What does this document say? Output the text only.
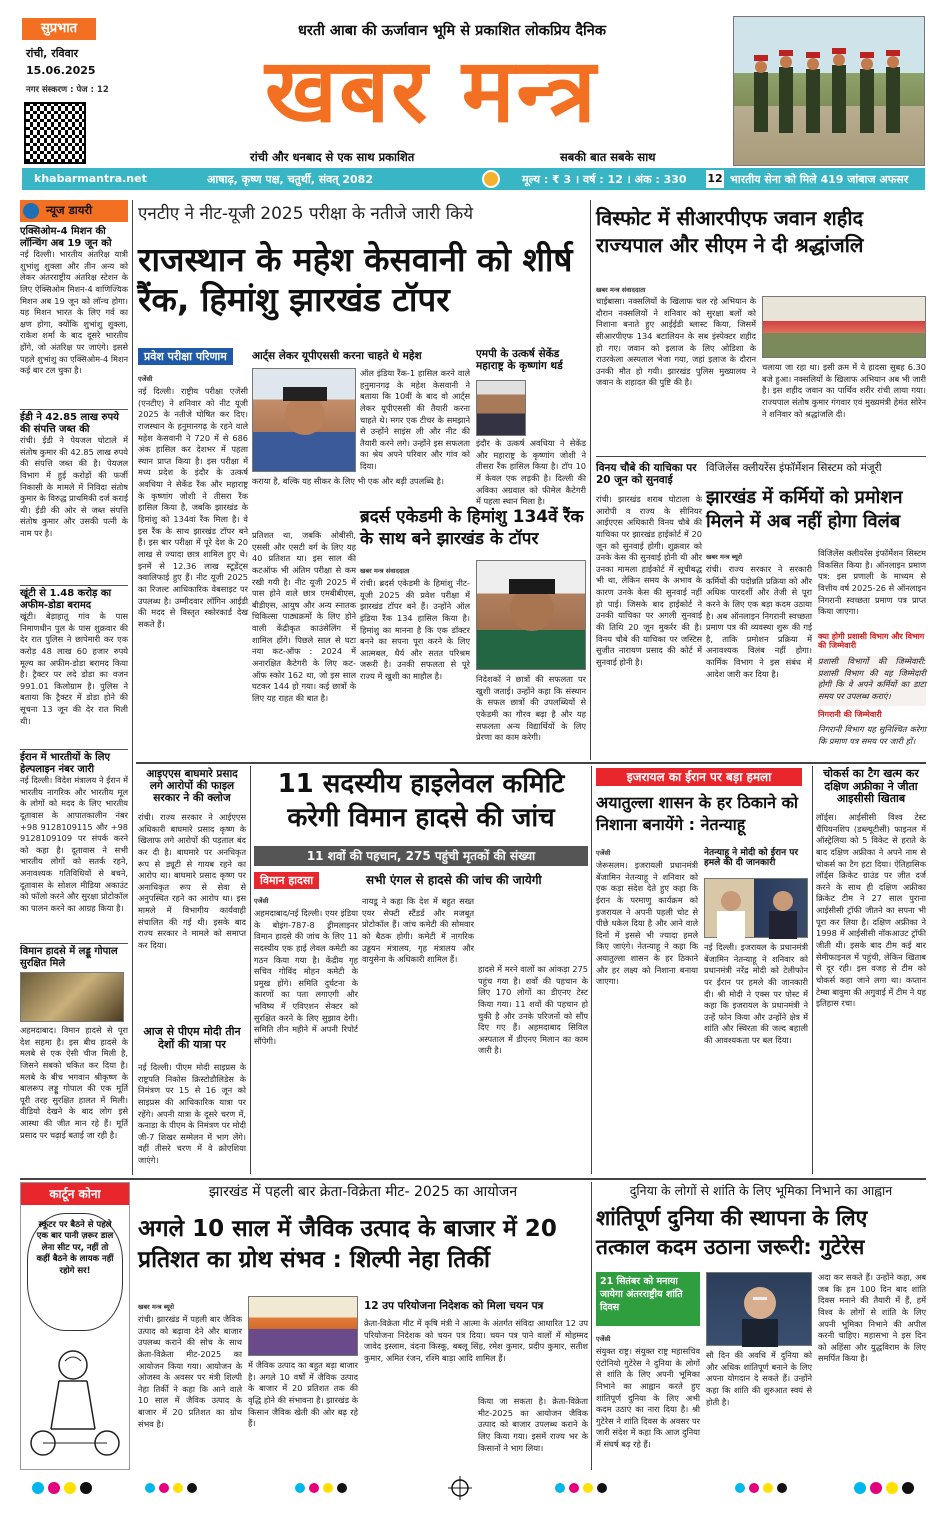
सुप्रभात
रांची, रविवार
15.06.2025
नगर संस्करण : पेज : 12
धरती आबा की ऊर्जावान भूमि से प्रकाशित लोकप्रिय दैनिक
खबर मन्त्र
रांची और धनबाद से एक साथ प्रकाशित	सबकी बात सबके साथ
khabarmantra.net	आषाढ़, कृष्ण पक्ष, चतुर्थी, संवत् 2082	मूल्य : ₹ 3 । वर्ष : 12 । अंक : 330 12 भारतीय सेना को मिले 419 जांबाज अफसर
न्यूज डायरी
एक्सिओम-4 मिशन की लॉन्चिंग अब 19 जून को
नई दिल्ली। भारतीय अंतरिक्ष यात्री शुभांशु शुक्ला और तीन अन्य को लेकर अंतरराष्ट्रीय अंतरिक्ष स्टेशन के लिए ऐक्सिओम मिशन-4 वाणिज्यिक मिशन अब 19 जून को लॉन्च होगा। यह मिशन भारत के लिए गर्व का क्षण होगा, क्योंकि शुभांशु शुक्ला, राकेश शर्मा के बाद दूसरे भारतीय होंगे, जो अंतरिक्ष पर जाएंगे। इससे पहले शुभांशु का एक्सिओम-4 मिशन कई बार टल चुका है।
ईडी ने 42.85 लाख रुपये की संपत्ति जब्त की
रांची। ईडी ने पेयजल घोटाले में संतोष कुमार की 42.85 लाख रुपये की संपत्ति जब्त की है। पेयजल विभाग में हुई करोड़ों की फर्जी निकासी के मामले में निविदा संतोष कुमार के विरुद्ध प्राथमिकी दर्ज कराई थी। ईडी की ओर से जब्त संपत्ति संतोष कुमार और उसकी पत्नी के नाम पर है।
खूंटी से 1.48 करोड़ का अफीम-डोडा बरामद
खूंटी। बेड़ाहातू गांव के पास निमाणधीन पुल के पास शुक्रवार की देर रात पुलिस ने छापेमारी कर एक करोड़ 48 लाख 60 हजार रुपये मूल्य का अफीम-डोडा बरामद किया है। ट्रैक्टर पर लदे डोडा का वजन 991.01 किलोग्राम है। पुलिस ने बताया कि ट्रैक्टर में डोडा होने की सूचना 13 जून की देर रात मिली थी।
ईरान में भारतीयों के लिए हेल्पलाइन नंबर जारी
नई दिल्ली। विदेश मंत्रालय ने ईरान में भारतीय नागरिक और भारतीय मूल के लोगों को मदद के लिए भारतीय दूतावास के आपातकालीन नंबर +98 9128109115 और +98 9128109109 पर संपर्क करने को कहा है। दूतावास ने सभी भारतीय लोगों को सतर्क रहने, अनावश्यक गतिविधियों से बचने, दूतावास के सोशल मीडिया अकाउंट को फॉलो करने और सुरक्षा प्रोटोकॉल का पालन करने का आग्रह किया है।
विमान हादसे में लड्डू गोपाल सुरक्षित मिले
अहमदाबाद। विमान हादसे से पूरा देश सहमा है। इस बीच हादसे के मलबे से एक ऐसी चीज मिली है, जिसने सबको चकित कर दिया है। मलबे के बीच भगवान श्रीकृष्ण के बालरूप लड्डू गोपाल की एक मूर्ति पूरी तरह सुरक्षित हालत में मिली। वीडियो देखने के बाद लोग इसे आस्था की जीत मान रहे हैं। मूर्ति प्रसाद पर चढ़ाई बताई जा रही है।
एनटीए ने नीट-यूजी 2025 परीक्षा के नतीजे जारी किये
राजस्थान के महेश केसवानी को शीर्ष रैंक, हिमांशु झारखंड टॉपर
प्रवेश परीक्षा परिणाम
एजेंसी
नई दिल्ली। राष्ट्रीय परीक्षा एजेंसी (एनटीए) ने शनिवार को नीट यूजी 2025 के नतीजे घोषित कर दिए। राजस्थान के हनुमानगढ़ के रहने वाले महेश केसवानी ने 720 में से 686 अंक हासिल कर देशभर में पहला स्थान प्राप्त किया है। इस परीक्षा में मध्य प्रदेश के इंदौर के उत्कर्ष अवधिया ने सेकेंड रैंक और महाराष्ट्र के कृष्णांग जोशी ने तीसरा रैंक हासिल किया है, जबकि झारखंड के हिमांशु को 134वां रैंक मिला है। वे इस रैंक के साथ झारखंड टॉपर बने हैं। इस बार परीक्षा में पूरे देश के 20 लाख से ज्यादा छात्र शामिल हुए थे। इनमें से 12.36 लाख स्टूडेंट्स क्वालिफाई हुए हैं। नीट यूजी 2025 का रिजल्ट आधिकारिक वेबसाइट पर उपलब्ध है। उम्मीदवार लॉगिन आईडी की मदद से विस्तृत स्कोरकार्ड देख सकते हैं।
प्रतिशत था, जबकि ओबीसी, एससी और एसटी वर्ग के लिए यह 40 प्रतिशत था। इस साल की कटऑफ भी अंतिम परीक्षा से कम रखी गयी है। नीट यूजी 2025 में पास होने वाले छात्र एमबीबीएस, बीडीएस, आयुष और अन्य स्नातक चिकित्सा पाठ्यक्रमों के लिए होने वाली केंद्रीकृत काउंसेलिंग में शामिल होंगे। पिछले साल से घटा नया कट-ऑफ : 2024 में अनारक्षित कैटेगरी के लिए कट-ऑफ स्कोर 162 था, जो इस साल घटकर 144 हो गया। कई छात्रों के लिए यह राहत की बात है।
आर्ट्स लेकर यूपीएससी करना चाहते थे महेश
ऑल इंडिया रैंक-1 हासिल करने वाले हनुमानगढ़ के महेश केसवानी ने बताया कि 10वीं के बाद वो आर्ट्स लेकर यूपीएससी की तैयारी करना चाहते थे। मगर एक टीचर के समझाने से उन्होंने साइंस ली और नीट की तैयारी करने लगे। उन्होंने इस सफलता का श्रेय अपने परिवार और गांव को दिया।
कराया है, बल्कि यह सीकर के लिए भी एक और बड़ी उपलब्धि है।
एमपी के उत्कर्ष सेकेंड महाराष्ट्र के कृष्णांग थर्ड
इंदौर के उत्कर्ष अवधिया ने सेकेंड और महाराष्ट्र के कृष्णांग जोशी ने तीसरा रैंक हासिल किया है। टॉप 10 में केवल एक लड़की है। दिल्ली की अविका अग्रवाल को फीमेल कैटेगरी में पहला स्थान मिला है।
ब्रदर्स एकेडमी के हिमांशु 134वें रैंक के साथ बने झारखंड के टॉपर
खबर मन्त्र संवाददाता
रांची। ब्रदर्स एकेडमी के हिमांशु नीट-यूजी 2025 की प्रवेश परीक्षा में झारखंड टॉपर बने हैं। उन्होंने ऑल इंडिया रैंक 134 हासिल किया है। हिमांशु का मानना है कि एक डॉक्टर बनने का सपना पूरा करने के लिए आत्मबल, धैर्य और सतत परिश्रम जरूरी है। उनकी सफलता से पूरे राज्य में खुशी का माहौल है।	निदेशकों ने छात्रों की सफलता पर खुशी जताई। उन्होंने कहा कि संस्थान के सफल छात्रों की उपलब्धियों से एकेडमी का गौरव बढ़ा है और यह सफलता अन्य विद्यार्थियों के लिए प्रेरणा का काम करेगी।
विस्फोट में सीआरपीएफ जवान शहीद राज्यपाल और सीएम ने दी श्रद्धांजलि
खबर मन्त्र संवाददाता
चाईबासा। नक्सलियों के खिलाफ चल रहे अभियान के दौरान नक्सलियों ने शनिवार को सुरक्षा बलों को निशाना बनाते हुए आईईडी ब्लास्ट किया, जिसमें सीआरपीएफ 134 बटालियन के सब इंस्पेक्टर शहीद हो गए। जवान को इलाज के लिए ओडिशा के राउरकेला अस्पताल भेजा गया, जहां इलाज के दौरान उनकी मौत हो गयी। झारखंड पुलिस मुख्यालय ने जवान के शहादत की पुष्टि की है।
चलाया जा रहा था। इसी क्रम में ये हादसा सुबह 6.30 बजे हुआ। नक्सलियों के खिलाफ अभियान अब भी जारी है। इस शहीद जवान का पार्थिव शरीर रांची लाया गया। राज्यपाल संतोष कुमार गंगवार एवं मुख्यमंत्री हेमंत सोरेन ने शनिवार को श्रद्धांजलि दी।
विनय चौबे की याचिका पर 20 जून को सुनवाई
रांची। झारखंड शराब घोटाला के आरोपी व राज्य के सीनियर आईएएस अधिकारी विनय चौबे की याचिका पर झारखंड हाईकोर्ट में 20 जून को सुनवाई होगी। शुक्रवार को उनके केस की सुनवाई होनी थी और उनका मामला हाईकोर्ट में सूचीबद्ध भी था, लेकिन समय के अभाव के कारण उनके केस की सुनवाई नहीं हो पाई। जिसके बाद हाईकोर्ट ने उनकी याचिका पर अगली सुनवाई की तिथि 20 जून मुकर्रर की है। विनय चौबे की याचिका पर जस्टिस सुजीत नारायण प्रसाद की कोर्ट में सुनवाई होनी है।
विजिलेंस क्लीयरेंस इंफॉर्मेशन सिस्टम को मंजूरी
झारखंड में कर्मियों को प्रमोशन मिलने में अब नहीं होगा विलंब
खबर मन्त्र ब्यूरो
रांची। राज्य सरकार ने सरकारी कर्मियों की पदोन्नति प्रक्रिया को और अधिक पारदर्शी और तेजी से पूरा करने के लिए एक बड़ा कदम उठाया है। अब ऑनलाइन निगरानी स्वच्छता प्रमाण पत्र की व्यवस्था शुरू की गई है, ताकि प्रमोशन प्रक्रिया में अनावश्यक विलंब नहीं होगा। कार्मिक विभाग ने इस संबंध में आदेश जारी कर दिया है।
विजिलेंस क्लीयरेंस इंफॉर्मेशन सिस्टम विकसित किया है। ऑनलाइन प्रमाण पत्र: इस प्रणाली के माध्यम से वित्तीय वर्ष 2025-26 से ऑनलाइन निगरानी स्वच्छता प्रमाण पत्र प्राप्त किया जाएगा।
क्या होगी प्रशासी विभाग और विभाग की जिम्मेवारी
प्रशासी विभागों की जिम्मेवारी: प्रशासी विभाग की यह जिम्मेदारी होगी कि वे अपने कर्मियों का डाटा समय पर उपलब्ध कराएं।
निगरानी की जिम्मेवारी
निगरानी विभाग यह सुनिश्चित करेगा कि प्रमाण पत्र समय पर जारी हों।
आइएएस बाघमारे प्रसाद लगे आरोपों की फाइल सरकार ने की क्लोज
रांची। राज्य सरकार ने आईएएस अधिकारी बाघमारे प्रसाद कृष्ण के खिलाफ लगे आरोपों की पड़ताल बंद कर दी है। बाघमारे पर अनधिकृत रूप से ड्यूटी से गायब रहने का आरोप था। बाघमारे प्रसाद कृष्ण पर अनाधिकृत रूप से सेवा से अनुपस्थित रहने का आरोप था। इस मामले में विभागीय कार्यवाही संचालित की गई थी। इसके बाद राज्य सरकार ने मामले को समाप्त कर दिया।
आज से पीएम मोदी तीन देशों की यात्रा पर
नई दिल्ली। पीएम मोदी साइप्रस के राष्ट्रपति निकोस क्रिस्टोडौलिडेस के निमंत्रण पर 15 से 16 जून को साइप्रस की आधिकारिक यात्रा पर रहेंगे। अपनी यात्रा के दूसरे चरण में, कनाडा के पीएम के निमंत्रण पर मोदी जी-7 शिखर सम्मेलन में भाग लेंगे। वहीं तीसरे चरण में वे क्रोएशिया जाएंगे।
11 सदस्यीय हाइलेवल कमिटि करेगी विमान हादसे की जांच
11 शवों की पहचान, 275 पहुंची मृतकों की संख्या
विमान हादसा	सभी एंगल से हादसे की जांच की जायेगी
एजेंसी
अहमदाबाद/नई दिल्ली। एयर इंडिया के बोइंग-787-8 ड्रीमलाइनर विमान हादसे की जांच के लिए 11 सदस्यीय एक हाई लेवल कमेटी का गठन किया गया है। केंद्रीय गृह सचिव गोविंद मोहन कमेटी के प्रमुख होंगे। समिति दुर्घटना के कारणों का पता लगाएगी और भविष्य में एविएशन सेक्टर को सुरक्षित करने के लिए सुझाव देगी। समिति तीन महीने में अपनी रिपोर्ट सौंपेगी।
नायडू ने कहा कि देश में बहुत सख्त एयर सेफ्टी स्टैंडर्ड और मजबूत प्रोटोकॉल हैं। जांच कमेटी की सोमवार को बैठक होगी। कमेटी में नागरिक उड्डयन मंत्रालय, गृह मंत्रालय और वायुसेना के अधिकारी शामिल हैं।
हादसे में मरने वालों का आंकड़ा 275 पहुंच गया है। शवों की पहचान के लिए 170 लोगों का डीएनए टेस्ट किया गया। 11 शवों की पहचान हो चुकी है और उनके परिजनों को सौंप दिए गए हैं। अहमदाबाद सिविल अस्पताल में डीएनए मिलान का काम जारी है।
इजरायल का ईरान पर बड़ा हमला
अयातुल्ला शासन के हर ठिकाने को निशाना बनायेंगे : नेतन्याहू
एजेंसी
जेरूसलम। इजरायली प्रधानमंत्री बेंजामिन नेतन्याहू ने शनिवार को एक कड़ा संदेश देते हुए कहा कि ईरान के परमाणु कार्यक्रम को इजरायल ने अपनी पहली चोट से पीछे धकेल दिया है और आने वाले दिनों में इससे भी ज्यादा हमले किए जाएंगे। नेतन्याहू ने कहा कि अयातुल्ला शासन के हर ठिकाने और हर लक्ष्य को निशाना बनाया जाएगा।
नेतन्याहू ने मोदी को ईरान पर हमले की दी जानकारी
नई दिल्ली। इजरायल के प्रधानमंत्री बेंजामिन नेतन्याहू ने शनिवार को प्रधानमंत्री नरेंद्र मोदी को टेलीफोन पर ईरान पर हमले की जानकारी दी। श्री मोदी ने एक्स पर पोस्ट में कहा कि इजरायल के प्रधानमंत्री ने उन्हें फोन किया और उन्होंने क्षेत्र में शांति और स्थिरता की जल्द बहाली की आवश्यकता पर बल दिया।
चोकर्स का टैग खत्म कर दक्षिण अफ्रीका ने जीता आइसीसी खिताब
लॉर्ड्स। आईसीसी विश्व टेस्ट चैंपियनशिप (डब्ल्यूटीसी) फाइनल में ऑस्ट्रेलिया को 5 विकेट से हराते के बाद दक्षिण अफ्रीका ने अपने नाम से चोकर्स का टैग हटा दिया। ऐतिहासिक लॉर्ड्स क्रिकेट ग्राउंड पर जीत दर्ज करने के साथ ही दक्षिण अफ्रीका क्रिकेट टीम ने 27 साल पुराना आईसीसी ट्रॉफी जीतने का सपना भी पूरा कर लिया है। दक्षिण अफ्रीका ने 1998 में आईसीसी नॉकआउट ट्रॉफी जीती थी। इसके बाद टीम कई बार सेमीफाइनल में पहुंची, लेकिन खिताब से दूर रही। इस वजह से टीम को चोकर्स कहा जाने लगा था। कप्तान टेम्बा बावुमा की अगुवाई में टीम ने यह इतिहास रचा।
कार्टून कोना
स्कूटर पर बैठने से पहले एक बार पानी ज़रूर डाल लेना सीट पर, नहीं तो कहीं बैठने के लायक नहीं रहोगे सर!
झारखंड में पहली बार क्रेता-विक्रेता मीट- 2025 का आयोजन
अगले 10 साल में जैविक उत्पाद के बाजार में 20 प्रतिशत का ग्रोथ संभव : शिल्पी नेहा तिर्की
खबर मन्त्र ब्यूरो
रांची। झारखंड में पहली बार जैविक उत्पाद को बढ़ावा देने और बाजार उपलब्ध कराने की सोच के साथ क्रेता-विक्रेता मीट-2025 का आयोजन किया गया। आयोजन के ओजस्व के अवसर पर मंत्री शिल्पी नेहा तिर्की ने कहा कि आने वाले 10 साल में जैविक उत्पाद के बाजार में 20 प्रतिशत का ग्रोथ संभव है।
में जैविक उत्पाद का बहुत बड़ा बाजार है। अगले 10 वर्षों में जैविक उत्पाद के बाजार में 20 प्रतिशत तक की वृद्धि होने की संभावना है। झारखंड के किसान जैविक खेती की ओर बढ़ रहे हैं।
12 उप परियोजना निदेशक को मिला चयन पत्र
क्रेता-विक्रेता मीट में कृषि मंत्री ने आत्मा के अंतर्गत संविदा आधारित 12 उप परियोजना निदेशक को चयन पत्र दिया। चयन पत्र पाने वालों में मोहम्मद जावेद इस्लाम, वंदना किस्कू, बबलू सिंह, रमेश कुमार, प्रदीप कुमार, सतीश कुमार, अमित रंजन, रश्मि बाड़ा आदि शामिल हैं।
किया जा सकता है। क्रेता-विक्रेता मीट-2025 का आयोजन जैविक उत्पाद को बाजार उपलब्ध कराने के लिए किया गया। इसमें राज्य भर के किसानों ने भाग लिया।
दुनिया के लोगों से शांति के लिए भूमिका निभाने का आह्वान
शांतिपूर्ण दुनिया की स्थापना के लिए तत्काल कदम उठाना जरूरी: गुटेरेस
21 सितंबर को मनाया जायेगा अंतरराष्ट्रीय शांति दिवस
एजेंसी
संयुक्त राष्ट्र। संयुक्त राष्ट्र महासचिव एंटोनियो गुटेरेस ने दुनिया के लोगों से शांति के लिए अपनी भूमिका निभाने का आह्वान करते हुए शांतिपूर्ण दुनिया के लिए अभी कदम उठाएं का नारा दिया है। श्री गुटेरेस ने शांति दिवस के अवसर पर जारी संदेश में कहा कि आज दुनिया में संघर्ष बढ़ रहे हैं।
सौ दिन की अवधि में दुनिया को और अधिक शांतिपूर्ण बनाने के लिए अपना योगदान दे सकते हैं। उन्होंने कहा कि शांति की शुरुआत स्वयं से होती है।
अदा कर सकते हैं। उन्होंने कहा, अब जब कि हम 100 दिन बाद शांति दिवस मनाने की तैयारी में हैं, हमें विश्व के लोगों से शांति के लिए अपनी भूमिका निभाने की अपील करनी चाहिए। महासभा ने इस दिन को अहिंसा और युद्धविराम के लिए समर्पित किया है।
